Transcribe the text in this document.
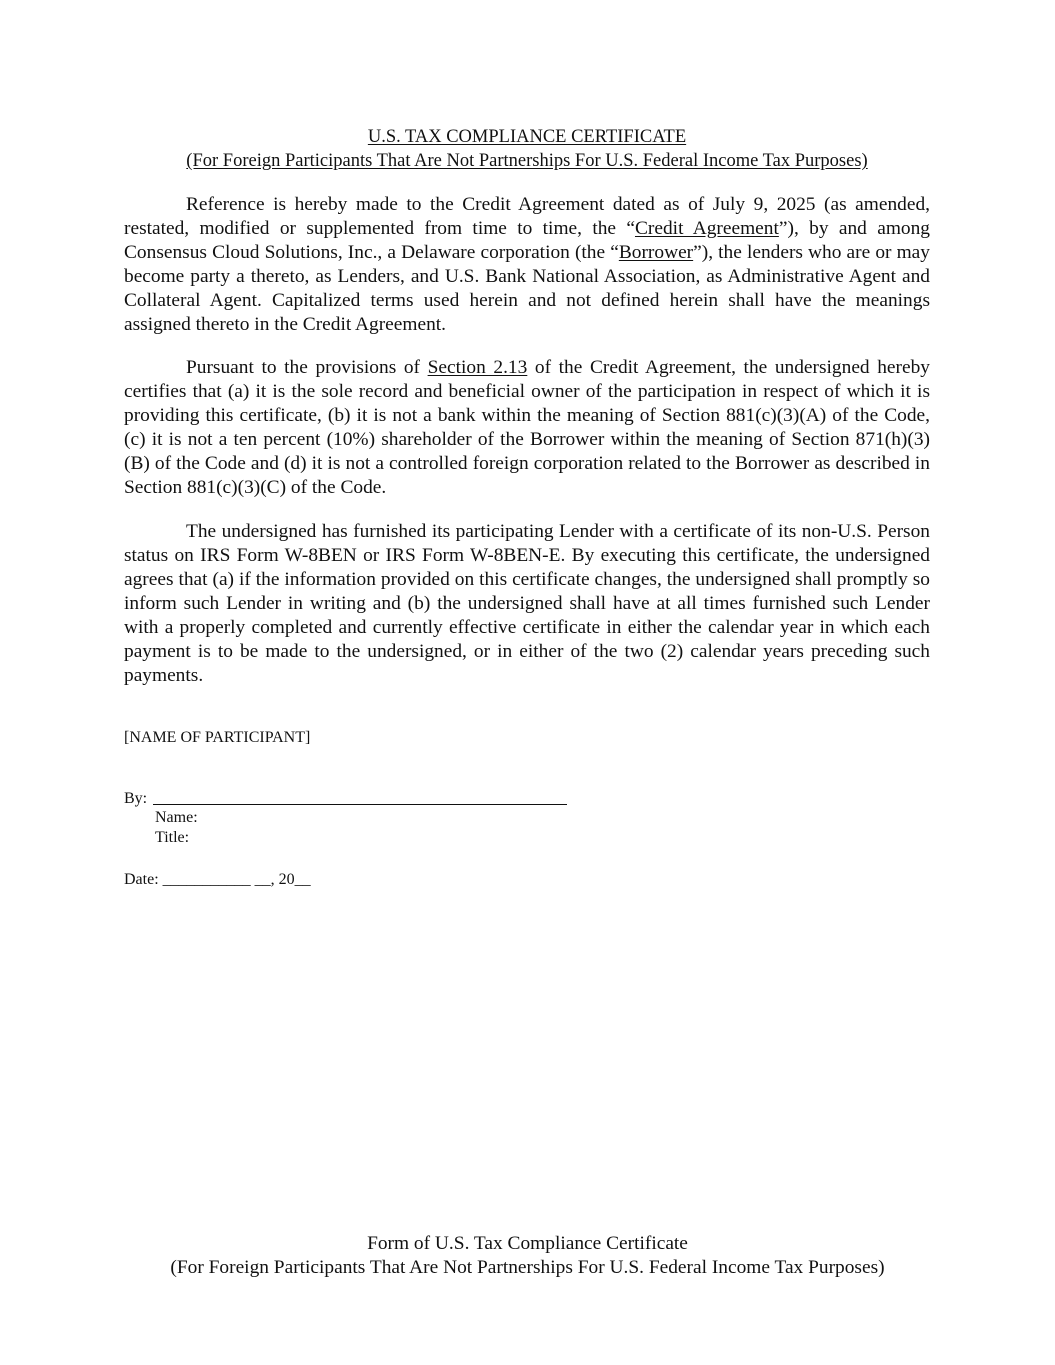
U.S. TAX COMPLIANCE CERTIFICATE
(For Foreign Participants That Are Not Partnerships For U.S. Federal Income Tax Purposes)

Reference is hereby made to the Credit Agreement dated as of July 9, 2025 (as amended, restated, modified or supplemented from time to time, the “Credit Agreement”), by and among Consensus Cloud Solutions, Inc., a Delaware corporation (the “Borrower”), the lenders who are or may become party a thereto, as Lenders, and U.S. Bank National Association, as Administrative Agent and Collateral Agent. Capitalized terms used herein and not defined herein shall have the meanings assigned thereto in the Credit Agreement.

Pursuant to the provisions of Section 2.13 of the Credit Agreement, the undersigned hereby certifies that (a) it is the sole record and beneficial owner of the participation in respect of which it is providing this certificate, (b) it is not a bank within the meaning of Section 881(c)(3)(A) of the Code, (c) it is not a ten percent (10%) shareholder of the Borrower within the meaning of Section 871(h)(3)(B) of the Code and (d) it is not a controlled foreign corporation related to the Borrower as described in Section 881(c)(3)(C) of the Code.

The undersigned has furnished its participating Lender with a certificate of its non-U.S. Person status on IRS Form W-8BEN or IRS Form W-8BEN-E. By executing this certificate, the undersigned agrees that (a) if the information provided on this certificate changes, the undersigned shall promptly so inform such Lender in writing and (b) the undersigned shall have at all times furnished such Lender with a properly completed and currently effective certificate in either the calendar year in which each payment is to be made to the undersigned, or in either of the two (2) calendar years preceding such payments.

[NAME OF PARTICIPANT]
By:
Name:
Title:
Date: ___________ __, 20__
Form of U.S. Tax Compliance Certificate
(For Foreign Participants That Are Not Partnerships For U.S. Federal Income Tax Purposes)
